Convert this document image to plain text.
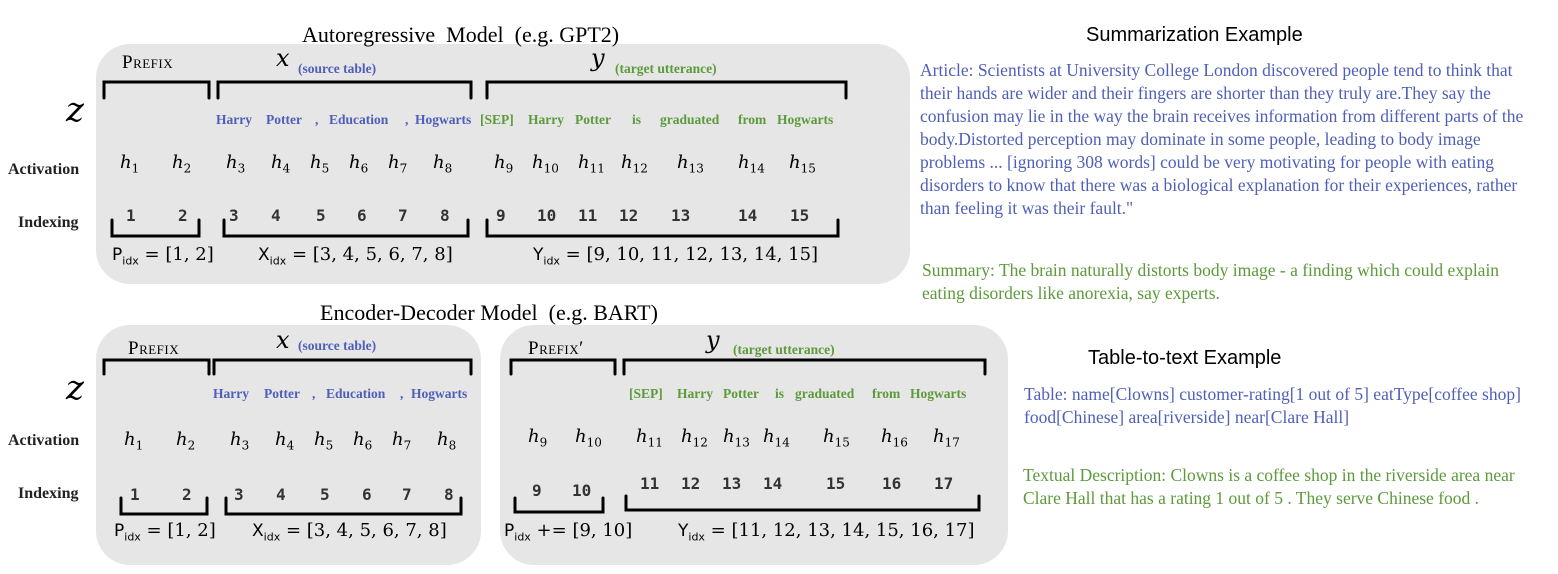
Autoregressive  Model  (e.g. GPT2)
Prefix	x (source table)	y (target utterance)
z
Activation
Indexing
Harry Potter , Education , Hogwarts [SEP] Harry Potter is graduated from Hogwarts
$h_1$ $h_2$ $h_3$ $h_4$ $h_5$ $h_6$ $h_7$ $h_8$ $h_9$ $h_{10}$ $h_{11}$ $h_{12}$ $h_{13}$ $h_{14}$ $h_{15}$
1	2	3 4 5 6 7 8	9 10 11 12 13	14 15
$P_{idx} = [1$, 2]	$X_{idx} = [3$, 4, 5, 6, 7, 8]	$Y_{idx} = [9$, 10, 11, 12, 13, 14, 15]
Encoder-Decoder Model  (e.g. BART)
Prefix	x (source table)	Prefix′	y (target utterance)
z
Activation
Indexing
Harry Potter , Education , Hogwarts	[SEP] Harry Potter is graduated from Hogwarts
$h_1$ $h_2$ $h_3$ $h_4$ $h_5$ $h_6$ $h_7$ $h_8$	$h_9$ $h_{10}$ $h_{11}$ $h_{12}$ $h_{13}$ $h_{14}$ $h_{15}$ $h_{16}$ $h_{17}$
1	2	3 4 5 6 7 8	9 10	11 12 13 14	15 16 17
$P_{idx} = [1$, 2] $X_{idx} = [3$, 4, 5, 6, 7, 8]	$P_{idx} += [9$, 10]	$Y_{idx} = [11$, 12, 13, 14, 15, 16, 17]
Summarization Example
Article: Scientists at University College London discovered people tend to think that their hands are wider and their fingers are shorter than they truly are.They say the confusion may lie in the way the brain receives information from different parts of the body.Distorted perception may dominate in some people, leading to body image problems ... [ignoring 308 words] could be very motivating for people with eating disorders to know that there was a biological explanation for their experiences, rather than feeling it was their fault."
Summary: The brain naturally distorts body image - a finding which could explain eating disorders like anorexia, say experts.
Table-to-text Example
Table: name[Clowns] customer-rating[1 out of 5] eatType[coffee shop] food[Chinese] area[riverside] near[Clare Hall]
Textual Description: Clowns is a coffee shop in the riverside area near Clare Hall that has a rating 1 out of 5 . They serve Chinese food .
